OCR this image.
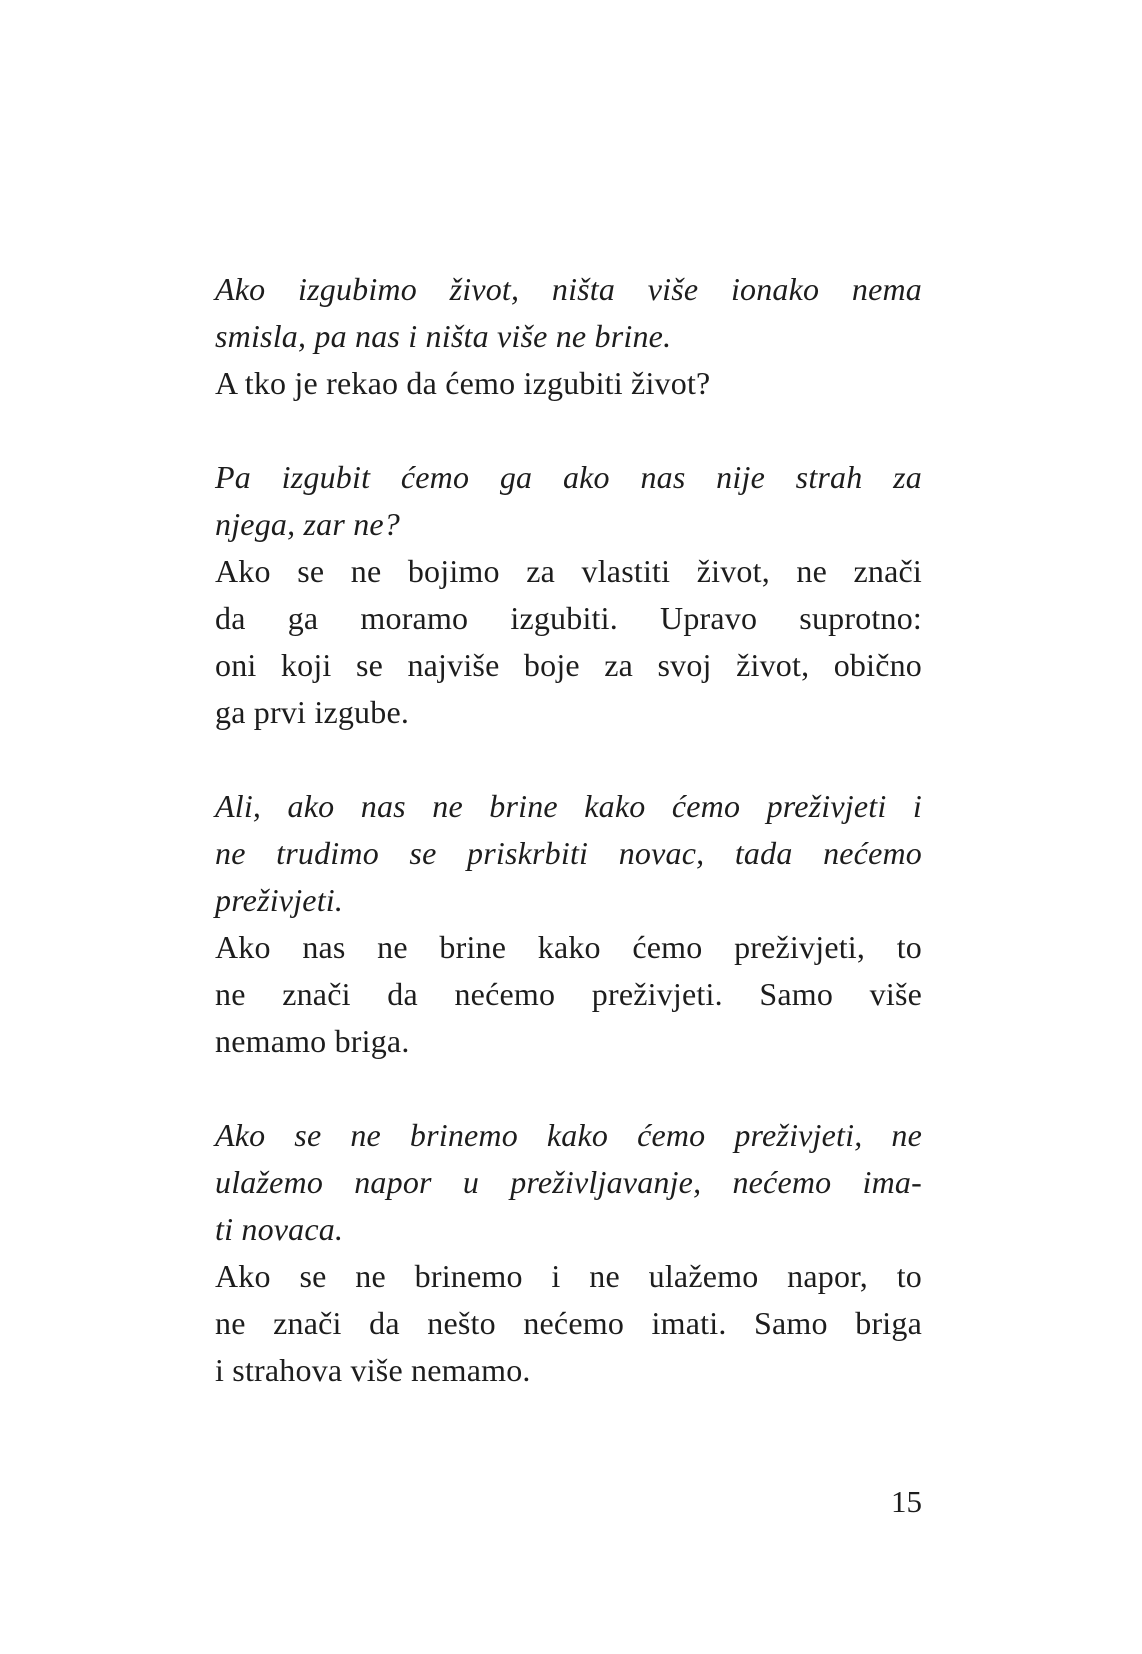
Ako izgubimo život, ništa više ionako nema
smisla, pa nas i ništa više ne brine.
A tko je rekao da ćemo izgubiti život?
Pa izgubit ćemo ga ako nas nije strah za
njega, zar ne?
Ako se ne bojimo za vlastiti život, ne znači
da ga moramo izgubiti. Upravo suprotno:
oni koji se najviše boje za svoj život, obično
ga prvi izgube.
Ali, ako nas ne brine kako ćemo preživjeti i
ne trudimo se priskrbiti novac, tada nećemo
preživjeti.
Ako nas ne brine kako ćemo preživjeti, to
ne znači da nećemo preživjeti. Samo više
nemamo briga.
Ako se ne brinemo kako ćemo preživjeti, ne
ulažemo napor u preživljavanje, nećemo ima-
ti novaca.
Ako se ne brinemo i ne ulažemo napor, to
ne znači da nešto nećemo imati. Samo briga
i strahova više nemamo.
15
